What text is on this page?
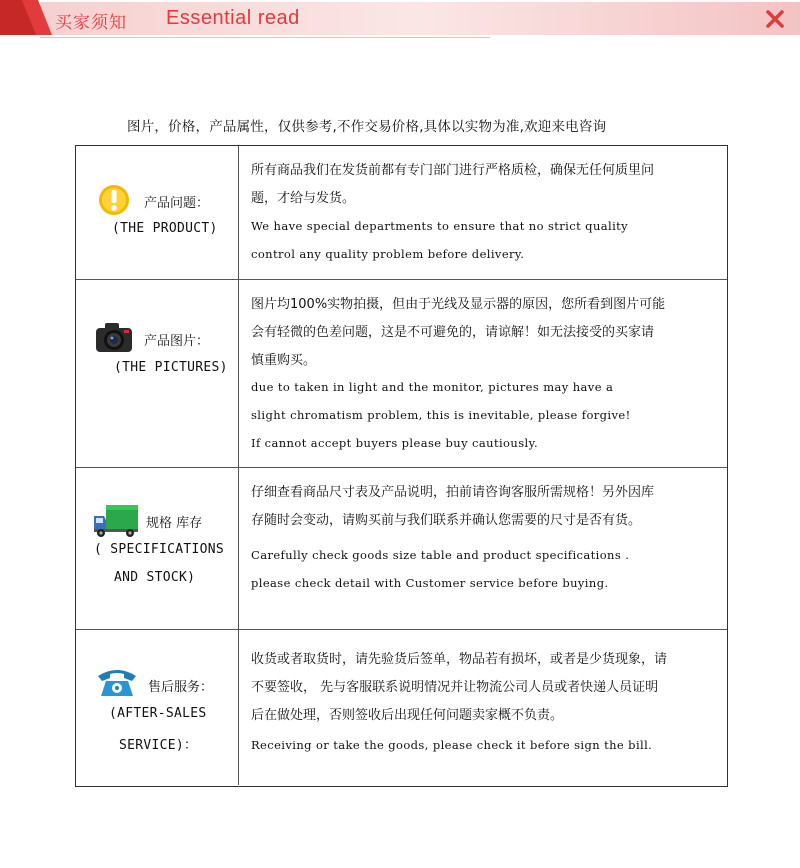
买家须知 Essential read
图片，价格，产品属性，仅供参考,不作交易价格,具体以实物为准,欢迎来电咨询
产品问题：
(THE PRODUCT)
所有商品我们在发货前都有专门部门进行严格质检，确保无任何质里问
题，才给与发货。
We have special departments to ensure that no strict quality
control any quality problem before delivery.
产品图片：
(THE PICTURES)
图片均100%实物拍摄，但由于光线及显示器的原因，您所看到图片可能
会有轻微的色差问题，这是不可避免的，请谅解！如无法接受的买家请
慎重购买。
due to taken in light and the monitor, pictures may have a
slight chromatism problem, this is inevitable, please forgive!
If cannot accept buyers please buy cautiously.
规格 库存
( SPECIFICATIONS
AND STOCK)
仔细查看商品尺寸表及产品说明，拍前请咨询客服所需规格！另外因库
存随时会变动，请购买前与我们联系并确认您需要的尺寸是否有货。
Carefully check goods size table and product specifications .
please check detail with Customer service before buying.
售后服务：
(AFTER-SALES
SERVICE)：
收货或者取货时，请先验货后签单，物品若有损坏，或者是少货现象，请
不要签收， 先与客服联系说明情况并让物流公司人员或者快递人员证明
后在做处理，否则签收后出现任何问题卖家概不负责。
Receiving or take the goods, please check it before sign the bill.
